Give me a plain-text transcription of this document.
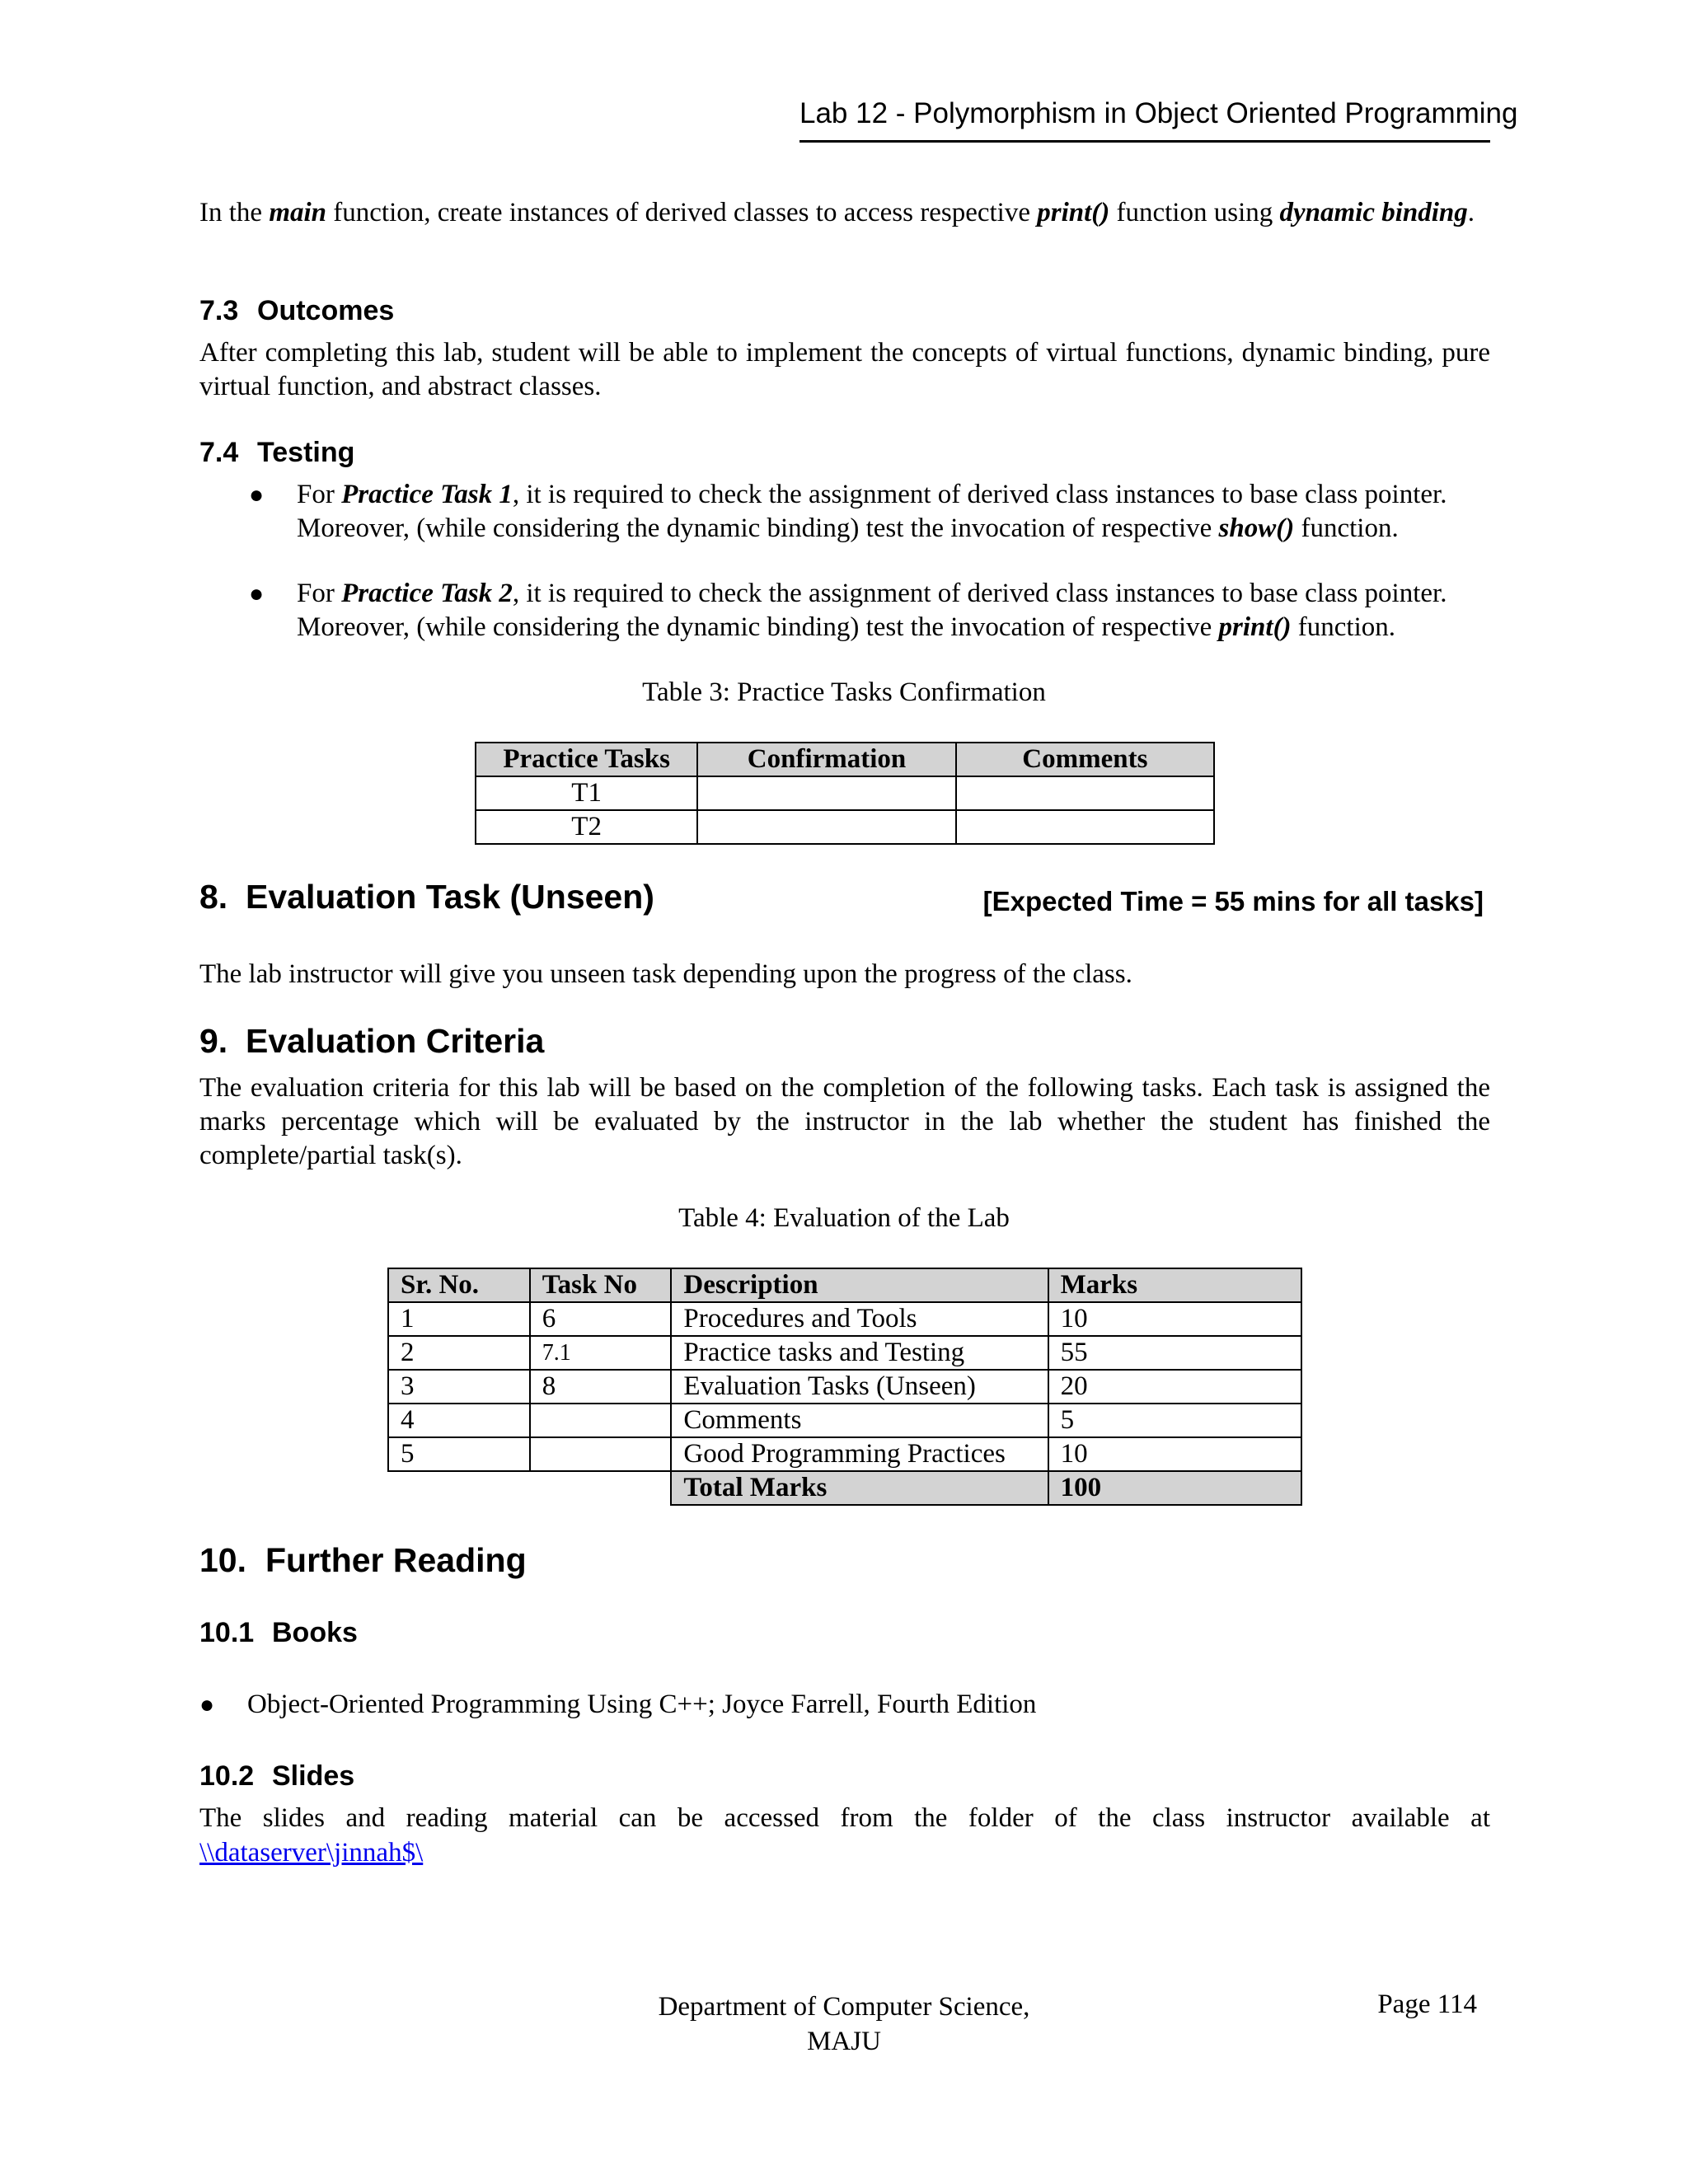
Lab 12 - Polymorphism in Object Oriented Programming
In the main function, create instances of derived classes to access respective print() function using dynamic binding.
7.3 Outcomes
After completing this lab, student will be able to implement the concepts of virtual functions, dynamic binding, pure virtual function, and abstract classes.
7.4 Testing
● For Practice Task 1, it is required to check the assignment of derived class instances to base class pointer. Moreover, (while considering the dynamic binding) test the invocation of respective show() function.
● For Practice Task 2, it is required to check the assignment of derived class instances to base class pointer. Moreover, (while considering the dynamic binding) test the invocation of respective print() function.
Table 3: Practice Tasks Confirmation
Practice Tasks	Confirmation	Comments
T1		
T2		
8. Evaluation Task (Unseen)	[Expected Time = 55 mins for all tasks]
The lab instructor will give you unseen task depending upon the progress of the class.
9. Evaluation Criteria
The evaluation criteria for this lab will be based on the completion of the following tasks. Each task is assigned the marks percentage which will be evaluated by the instructor in the lab whether the student has finished the complete/partial task(s).
Table 4: Evaluation of the Lab
Sr. No.	Task No	Description	Marks
1	6	Procedures and Tools	10
2	7.1	Practice tasks and Testing	55
3	8	Evaluation Tasks (Unseen)	20
4		Comments	5
5		Good Programming Practices	10
		Total Marks	100
10. Further Reading
10.1 Books
● Object-Oriented Programming Using C++; Joyce Farrell, Fourth Edition
10.2 Slides
The slides and reading material can be accessed from the folder of the class instructor available at
\\dataserver\jinnah$\
Department of Computer Science,
MAJU
Page 114
